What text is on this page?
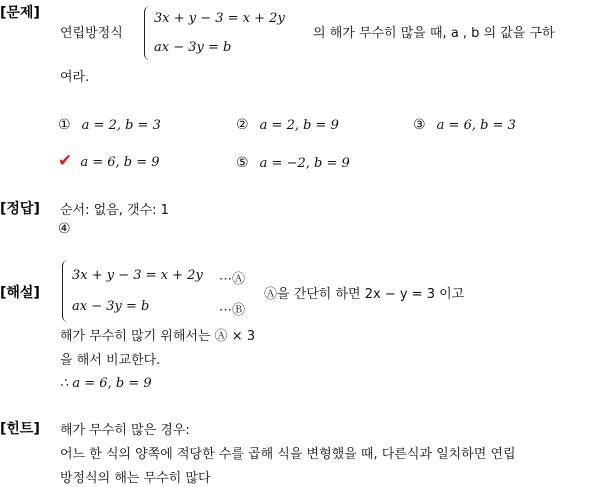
[문제]
연립방정식
3x + y − 3 = x + 2y
ax − 3y = b
의 해가 무수히 많을 때, a , b 의 값을 구하
여라.
① a = 2, b = 3	② a = 2, b = 9	③ a = 6, b = 3
✔ a = 6, b = 9	⑤ a = −2, b = 9
[정답] 순서: 없음, 갯수: 1
④
[해설]
3x + y − 3 = x + 2y ⋯Ⓐ
ax − 3y = b	⋯Ⓑ
Ⓐ을 간단히 하면 2x − y = 3 이고
해가 무수히 많기 위해서는 Ⓐ × 3
을 해서 비교한다.
∴ a = 6, b = 9
[힌트] 해가 무수히 많은 경우:
어느 한 식의 양쪽에 적당한 수를 곱해 식을 변형했을 때, 다른식과 일치하면 연립
방정식의 해는 무수히 많다
